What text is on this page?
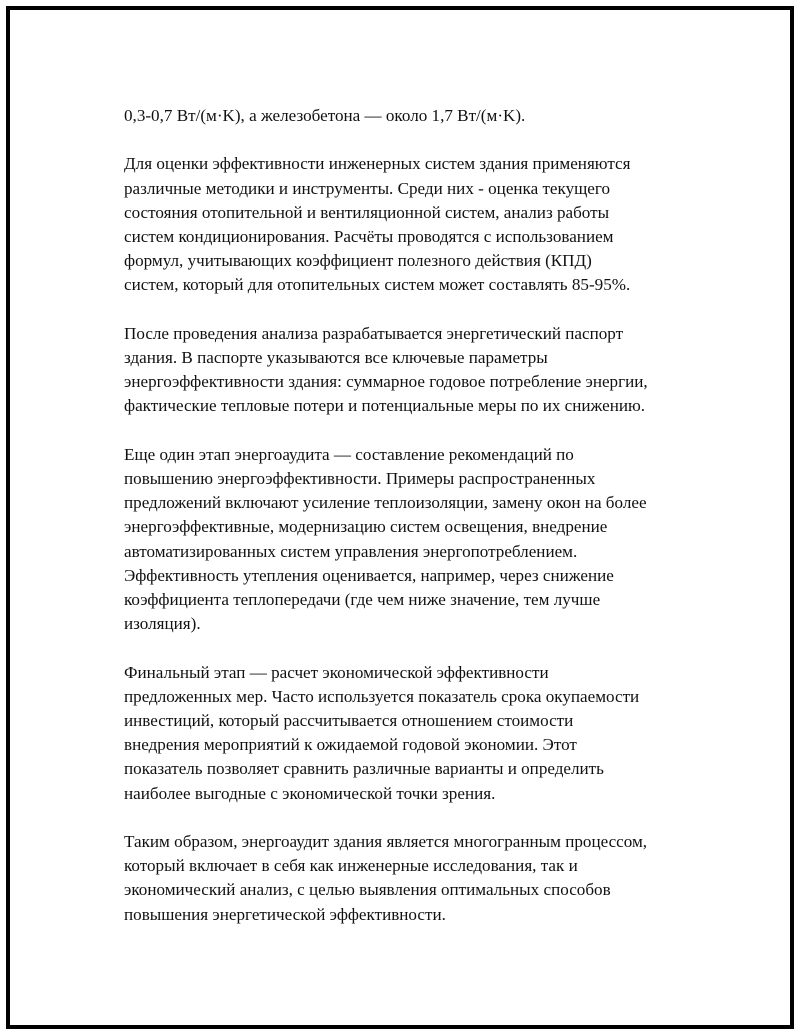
0,3-0,7 Вт/(м·K), а железобетона — около 1,7 Вт/(м·K).

Для оценки эффективности инженерных систем здания применяются
различные методики и инструменты. Среди них - оценка текущего
состояния отопительной и вентиляционной систем, анализ работы
систем кондиционирования. Расчёты проводятся с использованием
формул, учитывающих коэффициент полезного действия (КПД)
систем, который для отопительных систем может составлять 85-95%.

После проведения анализа разрабатывается энергетический паспорт
здания. В паспорте указываются все ключевые параметры
энергоэффективности здания: суммарное годовое потребление энергии,
фактические тепловые потери и потенциальные меры по их снижению.

Еще один этап энергоаудита — составление рекомендаций по
повышению энергоэффективности. Примеры распространенных
предложений включают усиление теплоизоляции, замену окон на более
энергоэффективные, модернизацию систем освещения, внедрение
автоматизированных систем управления энергопотреблением.
Эффективность утепления оценивается, например, через снижение
коэффициента теплопередачи (где чем ниже значение, тем лучше
изоляция).

Финальный этап — расчет экономической эффективности
предложенных мер. Часто используется показатель срока окупаемости
инвестиций, который рассчитывается отношением стоимости
внедрения мероприятий к ожидаемой годовой экономии. Этот
показатель позволяет сравнить различные варианты и определить
наиболее выгодные с экономической точки зрения.

Таким образом, энергоаудит здания является многогранным процессом,
который включает в себя как инженерные исследования, так и
экономический анализ, с целью выявления оптимальных способов
повышения энергетической эффективности.
